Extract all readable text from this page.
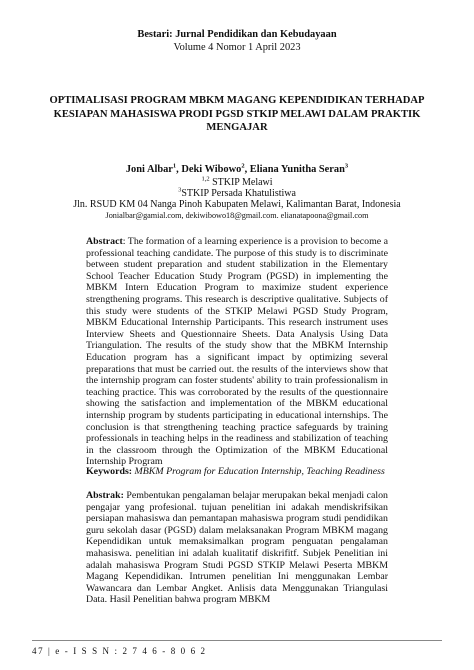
Bestari: Jurnal Pendidikan dan Kebudayaan
Volume 4 Nomor 1 April 2023
OPTIMALISASI PROGRAM MBKM MAGANG KEPENDIDIKAN TERHADAP KESIAPAN MAHASISWA PRODI PGSD STKIP MELAWI DALAM PRAKTIK MENGAJAR
Joni Albar$^1$, Deki Wibowo$^2$, Eliana Yunitha Seran$^3$
$^{1,2}$ STKIP Melawi
$^3$STKIP Persada Khatulistiwa
Jln. RSUD KM 04 Nanga Pinoh Kabupaten Melawi, Kalimantan Barat, Indonesia
Jonialbar@gamial.com, dekiwibowo18@gmail.com. elianatapoona@gmail.com
Abstract: The formation of a learning experience is a provision to become a professional teaching candidate. The purpose of this study is to discriminate between student preparation and student stabilization in the Elementary School Teacher Education Study Program (PGSD) in implementing the MBKM Intern Education Program to maximize student experience strengthening programs. This research is descriptive qualitative. Subjects of this study were students of the STKIP Melawi PGSD Study Program, MBKM Educational Internship Participants. This research instrument uses Interview Sheets and Questionnaire Sheets. Data Analysis Using Data Triangulation. The results of the study show that the MBKM Internship Education program has a significant impact by optimizing several preparations that must be carried out. the results of the interviews show that the internship program can foster students' ability to train professionalism in teaching practice. This was corroborated by the results of the questionnaire showing the satisfaction and implementation of the MBKM educational internship program by students participating in educational internships. The conclusion is that strengthening teaching practice safeguards by training professionals in teaching helps in the readiness and stabilization of teaching in the classroom through the Optimization of the MBKM Educational Internship Program
Keywords: MBKM Program for Education Internship, Teaching Readiness
Abstrak: Pembentukan pengalaman belajar merupakan bekal menjadi calon pengajar yang profesional. tujuan penelitian ini adakah mendiskrifsikan persiapan mahasiswa dan pemantapan mahasiswa program studi pendidikan guru sekolah dasar (PGSD) dalam melaksanakan Program MBKM magang Kependidikan untuk memaksimalkan program penguatan pengalaman mahasiswa. penelitian ini adalah kualitatif diskrifitf. Subjek Penelitian ini adalah mahasiswa Program Studi PGSD STKIP Melawi Peserta MBKM Magang Kependidikan. Intrumen penelitian Ini menggunakan Lembar Wawancara dan Lembar Angket. Anlisis data Menggunakan Triangulasi Data. Hasil Penelitian bahwa program MBKM
47 | e - I S S N : 2 7 4 6 - 8 0 6 2
